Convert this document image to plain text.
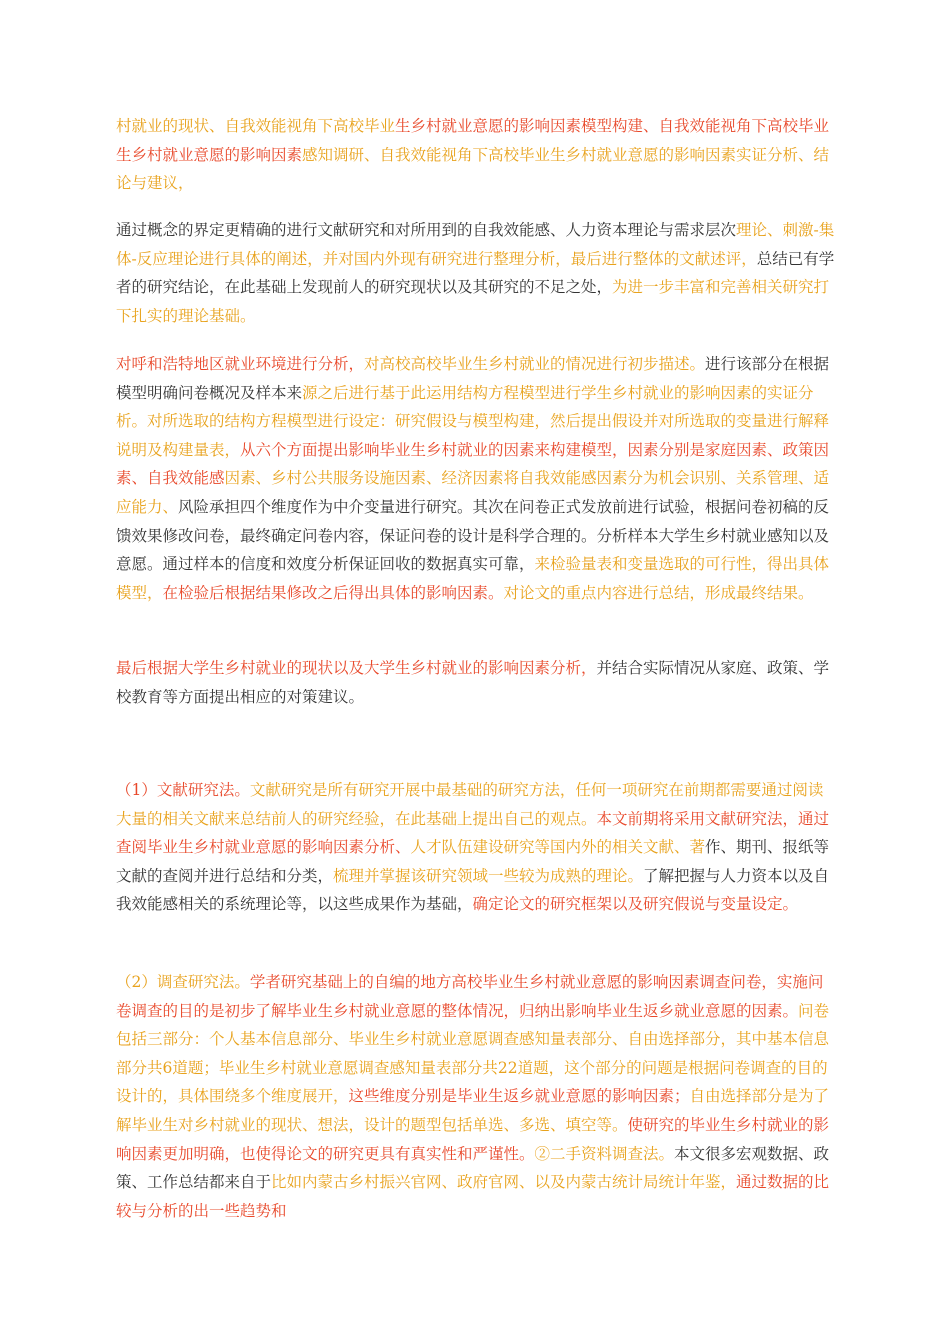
村就业的现状、自我效能视角下高校毕业生乡村就业意愿的影响因素模型构建、自我效能视角下高校毕业生乡村就业意愿的影响因素感知调研、自我效能视角下高校毕业生乡村就业意愿的影响因素实证分析、结论与建议，

通过概念的界定更精确的进行文献研究和对所用到的自我效能感、人力资本理论与需求层次理论、刺激-集体-反应理论进行具体的阐述，并对国内外现有研究进行整理分析，最后进行整体的文献述评，总结已有学者的研究结论，在此基础上发现前人的研究现状以及其研究的不足之处，为进一步丰富和完善相关研究打下扎实的理论基础。

对呼和浩特地区就业环境进行分析，对高校高校毕业生乡村就业的情况进行初步描述。进行该部分在根据模型明确问卷概况及样本来源之后进行基于此运用结构方程模型进行学生乡村就业的影响因素的实证分析。对所选取的结构方程模型进行设定：研究假设与模型构建，然后提出假设并对所选取的变量进行解释说明及构建量表，从六个方面提出影响毕业生乡村就业的因素来构建模型，因素分别是家庭因素、政策因素、自我效能感因素、乡村公共服务设施因素、经济因素将自我效能感因素分为机会识别、关系管理、适应能力、风险承担四个维度作为中介变量进行研究。其次在问卷正式发放前进行试验，根据问卷初稿的反馈效果修改问卷，最终确定问卷内容，保证问卷的设计是科学合理的。分析样本大学生乡村就业感知以及意愿。通过样本的信度和效度分析保证回收的数据真实可靠，来检验量表和变量选取的可行性，得出具体模型，在检验后根据结果修改之后得出具体的影响因素。对论文的重点内容进行总结，形成最终结果。

最后根据大学生乡村就业的现状以及大学生乡村就业的影响因素分析，并结合实际情况从家庭、政策、学校教育等方面提出相应的对策建议。

（1）文献研究法。文献研究是所有研究开展中最基础的研究方法，任何一项研究在前期都需要通过阅读大量的相关文献来总结前人的研究经验，在此基础上提出自己的观点。本文前期将采用文献研究法，通过查阅毕业生乡村就业意愿的影响因素分析、人才队伍建设研究等国内外的相关文献、著作、期刊、报纸等文献的查阅并进行总结和分类，梳理并掌握该研究领域一些较为成熟的理论。了解把握与人力资本以及自我效能感相关的系统理论等，以这些成果作为基础，确定论文的研究框架以及研究假说与变量设定。

（2）调查研究法。学者研究基础上的自编的地方高校毕业生乡村就业意愿的影响因素调查问卷，实施问卷调查的目的是初步了解毕业生乡村就业意愿的整体情况，归纳出影响毕业生返乡就业意愿的因素。问卷包括三部分：个人基本信息部分、毕业生乡村就业意愿调查感知量表部分、自由选择部分，其中基本信息部分共6道题；毕业生乡村就业意愿调查感知量表部分共22道题，这个部分的问题是根据问卷调查的目的设计的，具体围绕多个维度展开，这些维度分别是毕业生返乡就业意愿的影响因素；自由选择部分是为了解毕业生对乡村就业的现状、想法，设计的题型包括单选、多选、填空等。使研究的毕业生乡村就业的影响因素更加明确，也使得论文的研究更具有真实性和严谨性。②二手资料调查法。本文很多宏观数据、政策、工作总结都来自于比如内蒙古乡村振兴官网、政府官网、以及内蒙古统计局统计年鉴，通过数据的比较与分析的出一些趋势和
